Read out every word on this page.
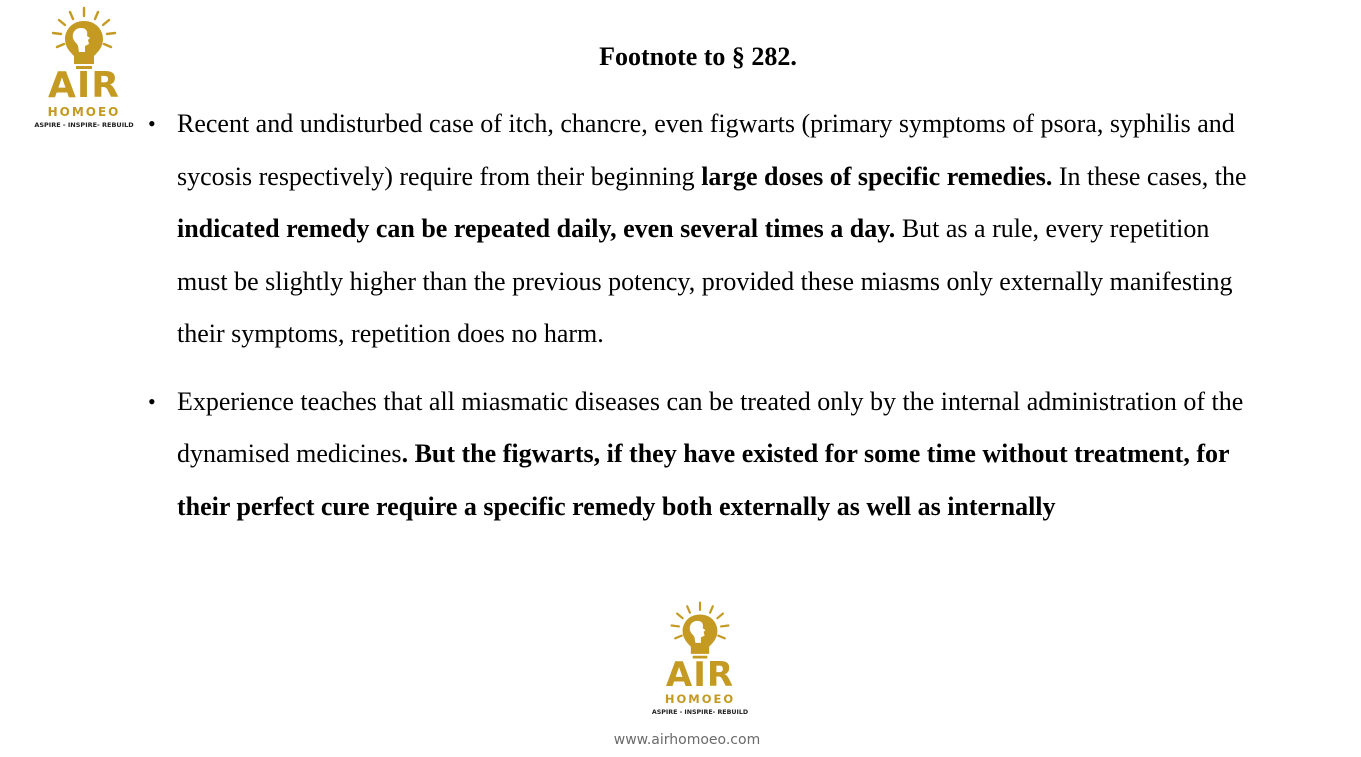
AIR
HOMOEO
ASPIRE - INSPIRE- REBUILD
Footnote to § 282.
• Recent and undisturbed case of itch, chancre, even figwarts (primary symptoms of psora, syphilis and sycosis respectively) require from their beginning large doses of specific remedies. In these cases, the indicated remedy can be repeated daily, even several times a day. But as a rule, every repetition must be slightly higher than the previous potency, provided these miasms only externally manifesting their symptoms, repetition does no harm.
• Experience teaches that all miasmatic diseases can be treated only by the internal administration of the dynamised medicines. But the figwarts, if they have existed for some time without treatment, for their perfect cure require a specific remedy both externally as well as internally
AIR
HOMOEO
ASPIRE - INSPIRE- REBUILD
www.airhomoeo.com
